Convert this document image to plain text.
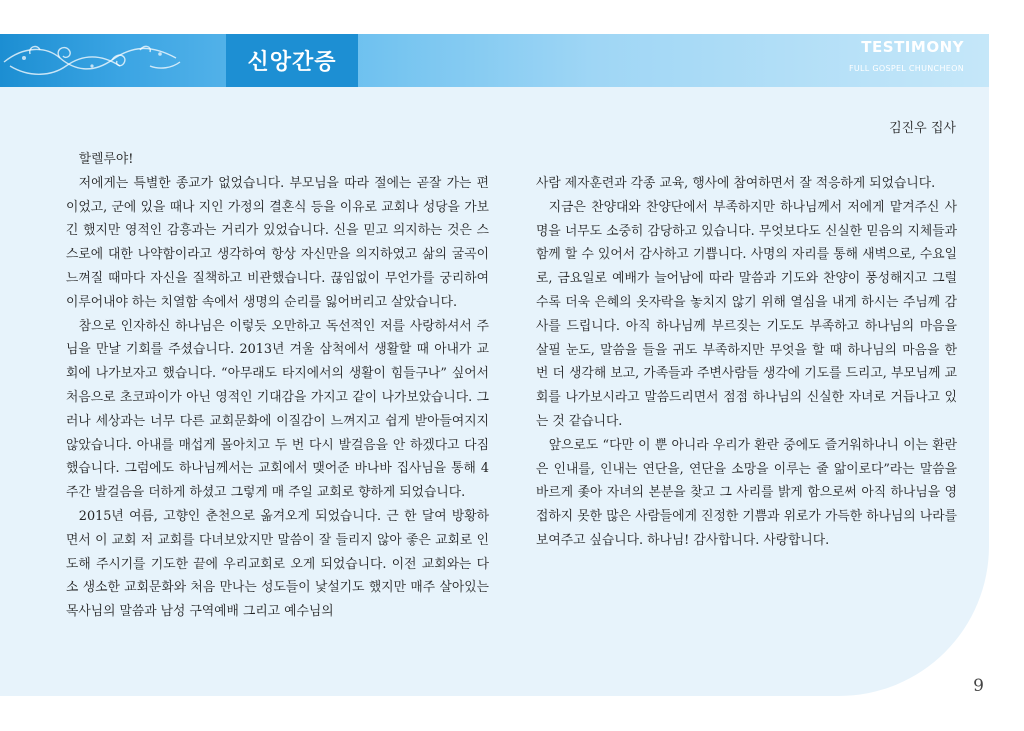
신앙간증
TESTIMONY
FULL GOSPEL CHUNCHEON
김진우 집사

할렐루야!

저에게는 특별한 종교가 없었습니다. 부모님을 따라 절에는 곧잘 가는 편이었고, 군에 있을 때나 지인 가정의 결혼식 등을 이유로 교회나 성당을 가보긴 했지만 영적인 감흥과는 거리가 있었습니다. 신을 믿고 의지하는 것은 스스로에 대한 나약함이라고 생각하여 항상 자신만을 의지하였고 삶의 굴곡이 느껴질 때마다 자신을 질책하고 비관했습니다. 끊임없이 무언가를 궁리하여 이루어내야 하는 치열함 속에서 생명의 순리를 잃어버리고 살았습니다.

참으로 인자하신 하나님은 이렇듯 오만하고 독선적인 저를 사랑하셔서 주님을 만날 기회를 주셨습니다. 2013년 겨울 삼척에서 생활할 때 아내가 교회에 나가보자고 했습니다. “아무래도 타지에서의 생활이 힘들구나” 싶어서 처음으로 초코파이가 아닌 영적인 기대감을 가지고 같이 나가보았습니다. 그러나 세상과는 너무 다른 교회문화에 이질감이 느껴지고 쉽게 받아들여지지 않았습니다. 아내를 매섭게 몰아치고 두 번 다시 발걸음을 안 하겠다고 다짐했습니다. 그럼에도 하나님께서는 교회에서 맺어준 바나바 집사님을 통해 4주간 발걸음을 더하게 하셨고 그렇게 매 주일 교회로 향하게 되었습니다.

2015년 여름, 고향인 춘천으로 옮겨오게 되었습니다. 근 한 달여 방황하면서 이 교회 저 교회를 다녀보았지만 말씀이 잘 들리지 않아 좋은 교회로 인도해 주시기를 기도한 끝에 우리교회로 오게 되었습니다. 이전 교회와는 다소 생소한 교회문화와 처음 만나는 성도들이 낯설기도 했지만 매주 살아있는 목사님의 말씀과 남성 구역예배 그리고 예수님의

사람 제자훈련과 각종 교육, 행사에 참여하면서 잘 적응하게 되었습니다.

지금은 찬양대와 찬양단에서 부족하지만 하나님께서 저에게 맡겨주신 사명을 너무도 소중히 감당하고 있습니다. 무엇보다도 신실한 믿음의 지체들과 함께 할 수 있어서 감사하고 기쁩니다. 사명의 자리를 통해 새벽으로, 수요일로, 금요일로 예배가 늘어남에 따라 말씀과 기도와 찬양이 풍성해지고 그럴수록 더욱 은혜의 옷자락을 놓치지 않기 위해 열심을 내게 하시는 주님께 감사를 드립니다. 아직 하나님께 부르짖는 기도도 부족하고 하나님의 마음을 살필 눈도, 말씀을 들을 귀도 부족하지만 무엇을 할 때 하나님의 마음을 한 번 더 생각해 보고, 가족들과 주변사람들 생각에 기도를 드리고, 부모님께 교회를 나가보시라고 말씀드리면서 점점 하나님의 신실한 자녀로 거듭나고 있는 것 같습니다.

앞으로도 “다만 이 뿐 아니라 우리가 환란 중에도 즐거워하나니 이는 환란은 인내를, 인내는 연단을, 연단을 소망을 이루는 줄 앎이로다”라는 말씀을 바르게 좇아 자녀의 본분을 찾고 그 사리를 밝게 함으로써 아직 하나님을 영접하지 못한 많은 사람들에게 진정한 기쁨과 위로가 가득한 하나님의 나라를 보여주고 싶습니다. 하나님! 감사합니다. 사랑합니다.

9
